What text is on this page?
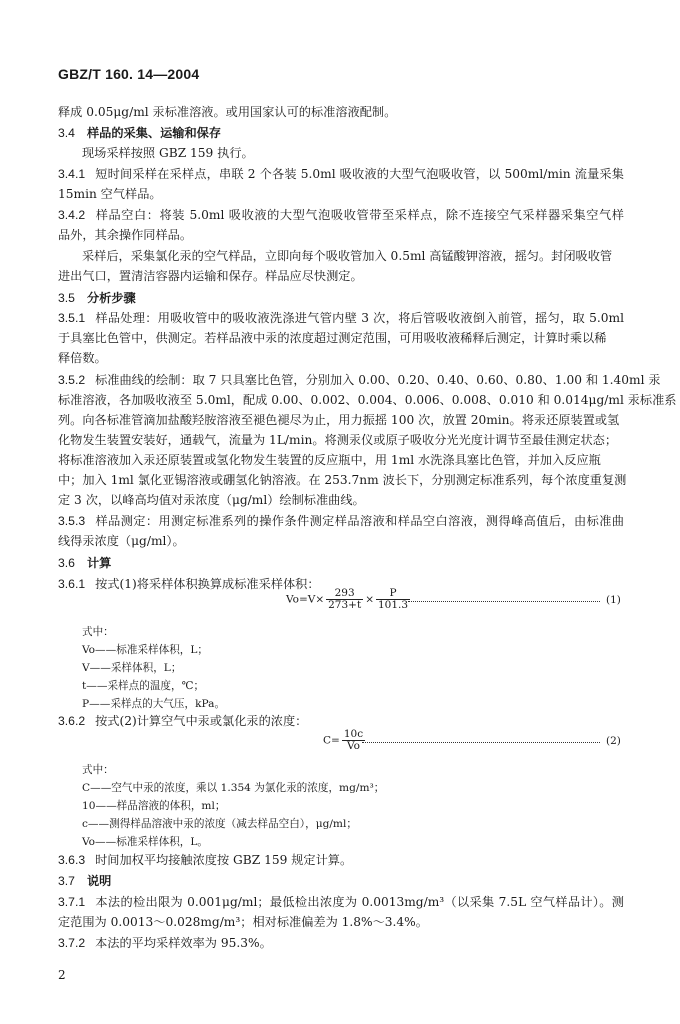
GBZ/T 160. 14—2004
释成 0.05μg/ml 汞标准溶液。或用国家认可的标准溶液配制。
3.4 样品的采集、运输和保存
现场采样按照 GBZ 159 执行。
3.4.1 短时间采样在采样点，串联 2 个各装 5.0ml 吸收液的大型气泡吸收管，以 500ml/min 流量采集
15min 空气样品。
3.4.2 样品空白：将装 5.0ml 吸收液的大型气泡吸收管带至采样点，除不连接空气采样器采集空气样
品外，其余操作同样品。
采样后，采集氯化汞的空气样品，立即向每个吸收管加入 0.5ml 高锰酸钾溶液，摇匀。封闭吸收管
进出气口，置清洁容器内运输和保存。样品应尽快测定。
3.5 分析步骤
3.5.1 样品处理：用吸收管中的吸收液洗涤进气管内壁 3 次，将后管吸收液倒入前管，摇匀，取 5.0ml
于具塞比色管中，供测定。若样品液中汞的浓度超过测定范围，可用吸收液稀释后测定，计算时乘以稀
释倍数。
3.5.2 标准曲线的绘制：取 7 只具塞比色管，分别加入 0.00、0.20、0.40、0.60、0.80、1.00 和 1.40ml 汞
标准溶液，各加吸收液至 5.0ml，配成 0.00、0.002、0.004、0.006、0.008、0.010 和 0.014μg/ml 汞标准系
列。向各标准管滴加盐酸羟胺溶液至褪色褪尽为止，用力振摇 100 次，放置 20min。将汞还原装置或氢
化物发生装置安装好，通载气，流量为 1L/min。将测汞仪或原子吸收分光光度计调节至最佳测定状态；
将标准溶液加入汞还原装置或氢化物发生装置的反应瓶中，用 1ml 水洗涤具塞比色管，并加入反应瓶
中；加入 1ml 氯化亚锡溶液或硼氢化钠溶液。在 253.7nm 波长下，分别测定标准系列，每个浓度重复测
定 3 次，以峰高均值对汞浓度（μg/ml）绘制标准曲线。
3.5.3 样品测定：用测定标准系列的操作条件测定样品溶液和样品空白溶液，测得峰高值后，由标准曲
线得汞浓度（μg/ml）。
3.6 计算
3.6.1 按式(1)将采样体积换算成标准采样体积：
$Vo=V\times \frac{293}{273+t} \times \frac{P}{101.3}$	(1)
式中：
Vo——标准采样体积，L；
V——采样体积，L；
t——采样点的温度，℃；
P——采样点的大气压，kPa。
3.6.2 按式(2)计算空气中汞或氯化汞的浓度：
$C= \frac{10c}{Vo}$	(2)
式中：
C——空气中汞的浓度，乘以 1.354 为氯化汞的浓度，mg/m³；
10——样品溶液的体积，ml；
c——测得样品溶液中汞的浓度（减去样品空白），μg/ml；
Vo——标准采样体积，L。
3.6.3 时间加权平均接触浓度按 GBZ 159 规定计算。
3.7 说明
3.7.1 本法的检出限为 0.001μg/ml；最低检出浓度为 0.0013mg/m³（以采集 7.5L 空气样品计）。测
定范围为 0.0013～0.028mg/m³；相对标准偏差为 1.8%～3.4%。
3.7.2 本法的平均采样效率为 95.3%。
2
